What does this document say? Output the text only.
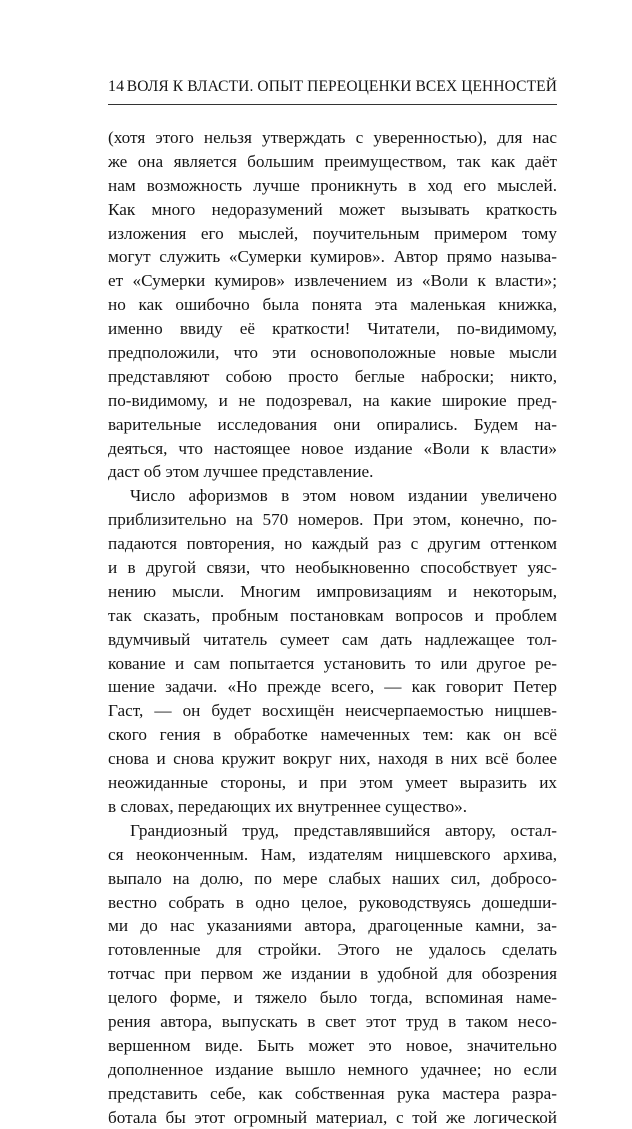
14 ВОЛЯ К ВЛАСТИ. ОПЫТ ПЕРЕОЦЕНКИ ВСЕХ ЦЕННОСТЕЙ
(хотя этого нельзя утверждать с уверенностью), для нас
же она является большим преимуществом, так как даёт
нам возможность лучше проникнуть в ход его мыслей.
Как много недоразумений может вызывать краткость
изложения его мыслей, поучительным примером тому
могут служить «Сумерки кумиров». Автор прямо называ-
ет «Сумерки кумиров» извлечением из «Воли к власти»;
но как ошибочно была понята эта маленькая книжка,
именно ввиду её краткости! Читатели, по-видимому,
предположили, что эти основоположные новые мысли
представляют собою просто беглые наброски; никто,
по-видимому, и не подозревал, на какие широкие пред-
варительные исследования они опирались. Будем на-
деяться, что настоящее новое издание «Воли к власти»
даст об этом лучшее представление.
Число афоризмов в этом новом издании увеличено
приблизительно на 570 номеров. При этом, конечно, по-
падаются повторения, но каждый раз с другим оттенком
и в другой связи, что необыкновенно способствует уяс-
нению мысли. Многим импровизациям и некоторым,
так сказать, пробным постановкам вопросов и проблем
вдумчивый читатель сумеет сам дать надлежащее тол-
кование и сам попытается установить то или другое ре-
шение задачи. «Но прежде всего, — как говорит Петер
Гаст, — он будет восхищён неисчерпаемостью ницшев-
ского гения в обработке намеченных тем: как он всё
снова и снова кружит вокруг них, находя в них всё более
неожиданные стороны, и при этом умеет выразить их
в словах, передающих их внутреннее существо».
Грандиозный труд, представлявшийся автору, остал-
ся неоконченным. Нам, издателям ницшевского архива,
выпало на долю, по мере слабых наших сил, добросо-
вестно собрать в одно целое, руководствуясь дошедши-
ми до нас указаниями автора, драгоценные камни, за-
готовленные для стройки. Этого не удалось сделать
тотчас при первом же издании в удобной для обозрения
целого форме, и тяжело было тогда, вспоминая наме-
рения автора, выпускать в свет этот труд в таком несо-
вершенном виде. Быть может это новое, значительно
дополненное издание вышло немного удачнее; но если
представить себе, как собственная рука мастера разра-
ботала бы этот огромный материал, с той же логической
